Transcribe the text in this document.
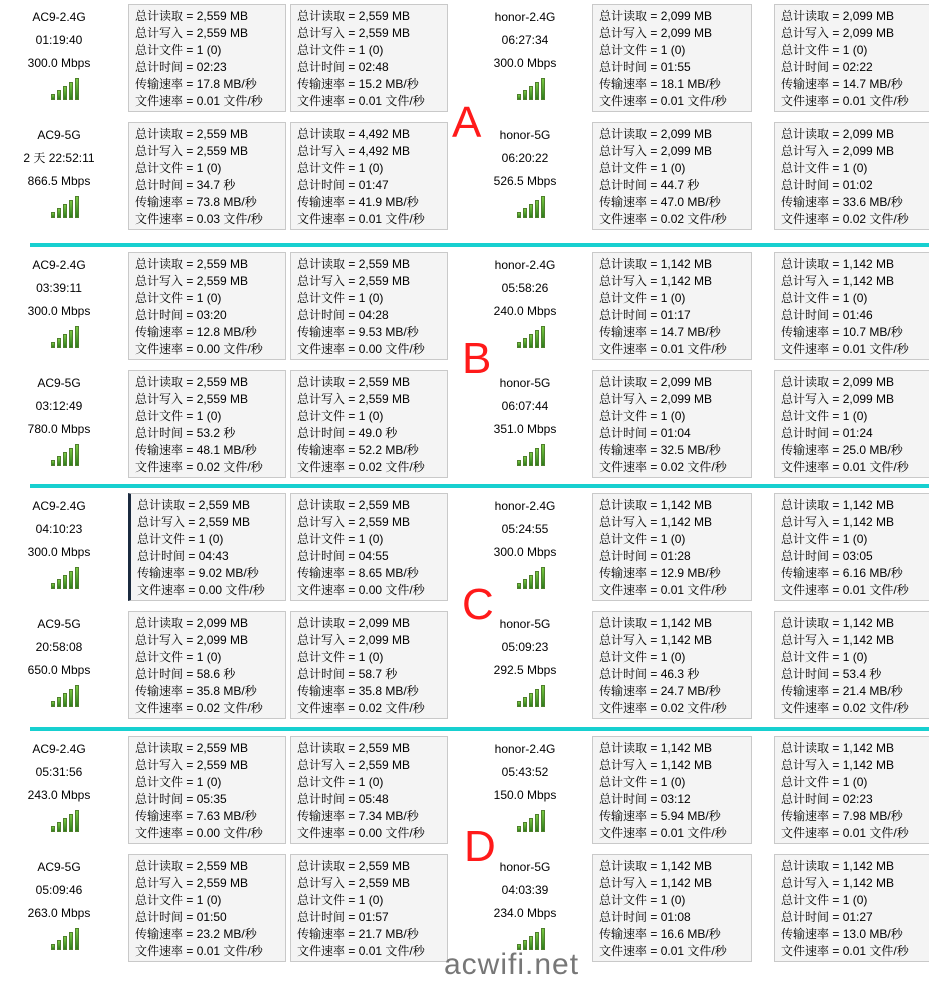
AC9-2.4G
01:19:40
300.0 Mbps
总计读取 = 2,559 MB
总计写入 = 2,559 MB
总计文件 = 1 (0)
总计时间 = 02:23
传输速率 = 17.8 MB/秒
文件速率 = 0.01 文件/秒
总计读取 = 2,559 MB
总计写入 = 2,559 MB
总计文件 = 1 (0)
总计时间 = 02:48
传输速率 = 15.2 MB/秒
文件速率 = 0.01 文件/秒
AC9-5G
2 天 22:52:11
866.5 Mbps
总计读取 = 2,559 MB
总计写入 = 2,559 MB
总计文件 = 1 (0)
总计时间 = 34.7 秒
传输速率 = 73.8 MB/秒
文件速率 = 0.03 文件/秒
总计读取 = 4,492 MB
总计写入 = 4,492 MB
总计文件 = 1 (0)
总计时间 = 01:47
传输速率 = 41.9 MB/秒
文件速率 = 0.01 文件/秒
honor-2.4G
06:27:34
300.0 Mbps
总计读取 = 2,099 MB
总计写入 = 2,099 MB
总计文件 = 1 (0)
总计时间 = 01:55
传输速率 = 18.1 MB/秒
文件速率 = 0.01 文件/秒
总计读取 = 2,099 MB
总计写入 = 2,099 MB
总计文件 = 1 (0)
总计时间 = 02:22
传输速率 = 14.7 MB/秒
文件速率 = 0.01 文件/秒
honor-5G
06:20:22
526.5 Mbps
总计读取 = 2,099 MB
总计写入 = 2,099 MB
总计文件 = 1 (0)
总计时间 = 44.7 秒
传输速率 = 47.0 MB/秒
文件速率 = 0.02 文件/秒
总计读取 = 2,099 MB
总计写入 = 2,099 MB
总计文件 = 1 (0)
总计时间 = 01:02
传输速率 = 33.6 MB/秒
文件速率 = 0.02 文件/秒
AC9-2.4G
03:39:11
300.0 Mbps
总计读取 = 2,559 MB
总计写入 = 2,559 MB
总计文件 = 1 (0)
总计时间 = 03:20
传输速率 = 12.8 MB/秒
文件速率 = 0.00 文件/秒
总计读取 = 2,559 MB
总计写入 = 2,559 MB
总计文件 = 1 (0)
总计时间 = 04:28
传输速率 = 9.53 MB/秒
文件速率 = 0.00 文件/秒
AC9-5G
03:12:49
780.0 Mbps
总计读取 = 2,559 MB
总计写入 = 2,559 MB
总计文件 = 1 (0)
总计时间 = 53.2 秒
传输速率 = 48.1 MB/秒
文件速率 = 0.02 文件/秒
总计读取 = 2,559 MB
总计写入 = 2,559 MB
总计文件 = 1 (0)
总计时间 = 49.0 秒
传输速率 = 52.2 MB/秒
文件速率 = 0.02 文件/秒
honor-2.4G
05:58:26
240.0 Mbps
总计读取 = 1,142 MB
总计写入 = 1,142 MB
总计文件 = 1 (0)
总计时间 = 01:17
传输速率 = 14.7 MB/秒
文件速率 = 0.01 文件/秒
总计读取 = 1,142 MB
总计写入 = 1,142 MB
总计文件 = 1 (0)
总计时间 = 01:46
传输速率 = 10.7 MB/秒
文件速率 = 0.01 文件/秒
honor-5G
06:07:44
351.0 Mbps
总计读取 = 2,099 MB
总计写入 = 2,099 MB
总计文件 = 1 (0)
总计时间 = 01:04
传输速率 = 32.5 MB/秒
文件速率 = 0.02 文件/秒
总计读取 = 2,099 MB
总计写入 = 2,099 MB
总计文件 = 1 (0)
总计时间 = 01:24
传输速率 = 25.0 MB/秒
文件速率 = 0.01 文件/秒
AC9-2.4G
04:10:23
300.0 Mbps
总计读取 = 2,559 MB
总计写入 = 2,559 MB
总计文件 = 1 (0)
总计时间 = 04:43
传输速率 = 9.02 MB/秒
文件速率 = 0.00 文件/秒
总计读取 = 2,559 MB
总计写入 = 2,559 MB
总计文件 = 1 (0)
总计时间 = 04:55
传输速率 = 8.65 MB/秒
文件速率 = 0.00 文件/秒
AC9-5G
20:58:08
650.0 Mbps
总计读取 = 2,099 MB
总计写入 = 2,099 MB
总计文件 = 1 (0)
总计时间 = 58.6 秒
传输速率 = 35.8 MB/秒
文件速率 = 0.02 文件/秒
总计读取 = 2,099 MB
总计写入 = 2,099 MB
总计文件 = 1 (0)
总计时间 = 58.7 秒
传输速率 = 35.8 MB/秒
文件速率 = 0.02 文件/秒
honor-2.4G
05:24:55
300.0 Mbps
总计读取 = 1,142 MB
总计写入 = 1,142 MB
总计文件 = 1 (0)
总计时间 = 01:28
传输速率 = 12.9 MB/秒
文件速率 = 0.01 文件/秒
总计读取 = 1,142 MB
总计写入 = 1,142 MB
总计文件 = 1 (0)
总计时间 = 03:05
传输速率 = 6.16 MB/秒
文件速率 = 0.01 文件/秒
honor-5G
05:09:23
292.5 Mbps
总计读取 = 1,142 MB
总计写入 = 1,142 MB
总计文件 = 1 (0)
总计时间 = 46.3 秒
传输速率 = 24.7 MB/秒
文件速率 = 0.02 文件/秒
总计读取 = 1,142 MB
总计写入 = 1,142 MB
总计文件 = 1 (0)
总计时间 = 53.4 秒
传输速率 = 21.4 MB/秒
文件速率 = 0.02 文件/秒
AC9-2.4G
05:31:56
243.0 Mbps
总计读取 = 2,559 MB
总计写入 = 2,559 MB
总计文件 = 1 (0)
总计时间 = 05:35
传输速率 = 7.63 MB/秒
文件速率 = 0.00 文件/秒
总计读取 = 2,559 MB
总计写入 = 2,559 MB
总计文件 = 1 (0)
总计时间 = 05:48
传输速率 = 7.34 MB/秒
文件速率 = 0.00 文件/秒
AC9-5G
05:09:46
263.0 Mbps
总计读取 = 2,559 MB
总计写入 = 2,559 MB
总计文件 = 1 (0)
总计时间 = 01:50
传输速率 = 23.2 MB/秒
文件速率 = 0.01 文件/秒
总计读取 = 2,559 MB
总计写入 = 2,559 MB
总计文件 = 1 (0)
总计时间 = 01:57
传输速率 = 21.7 MB/秒
文件速率 = 0.01 文件/秒
honor-2.4G
05:43:52
150.0 Mbps
总计读取 = 1,142 MB
总计写入 = 1,142 MB
总计文件 = 1 (0)
总计时间 = 03:12
传输速率 = 5.94 MB/秒
文件速率 = 0.01 文件/秒
总计读取 = 1,142 MB
总计写入 = 1,142 MB
总计文件 = 1 (0)
总计时间 = 02:23
传输速率 = 7.98 MB/秒
文件速率 = 0.01 文件/秒
honor-5G
04:03:39
234.0 Mbps
总计读取 = 1,142 MB
总计写入 = 1,142 MB
总计文件 = 1 (0)
总计时间 = 01:08
传输速率 = 16.6 MB/秒
文件速率 = 0.01 文件/秒
总计读取 = 1,142 MB
总计写入 = 1,142 MB
总计文件 = 1 (0)
总计时间 = 01:27
传输速率 = 13.0 MB/秒
文件速率 = 0.01 文件/秒
A
B
C
D
acwifi.net
